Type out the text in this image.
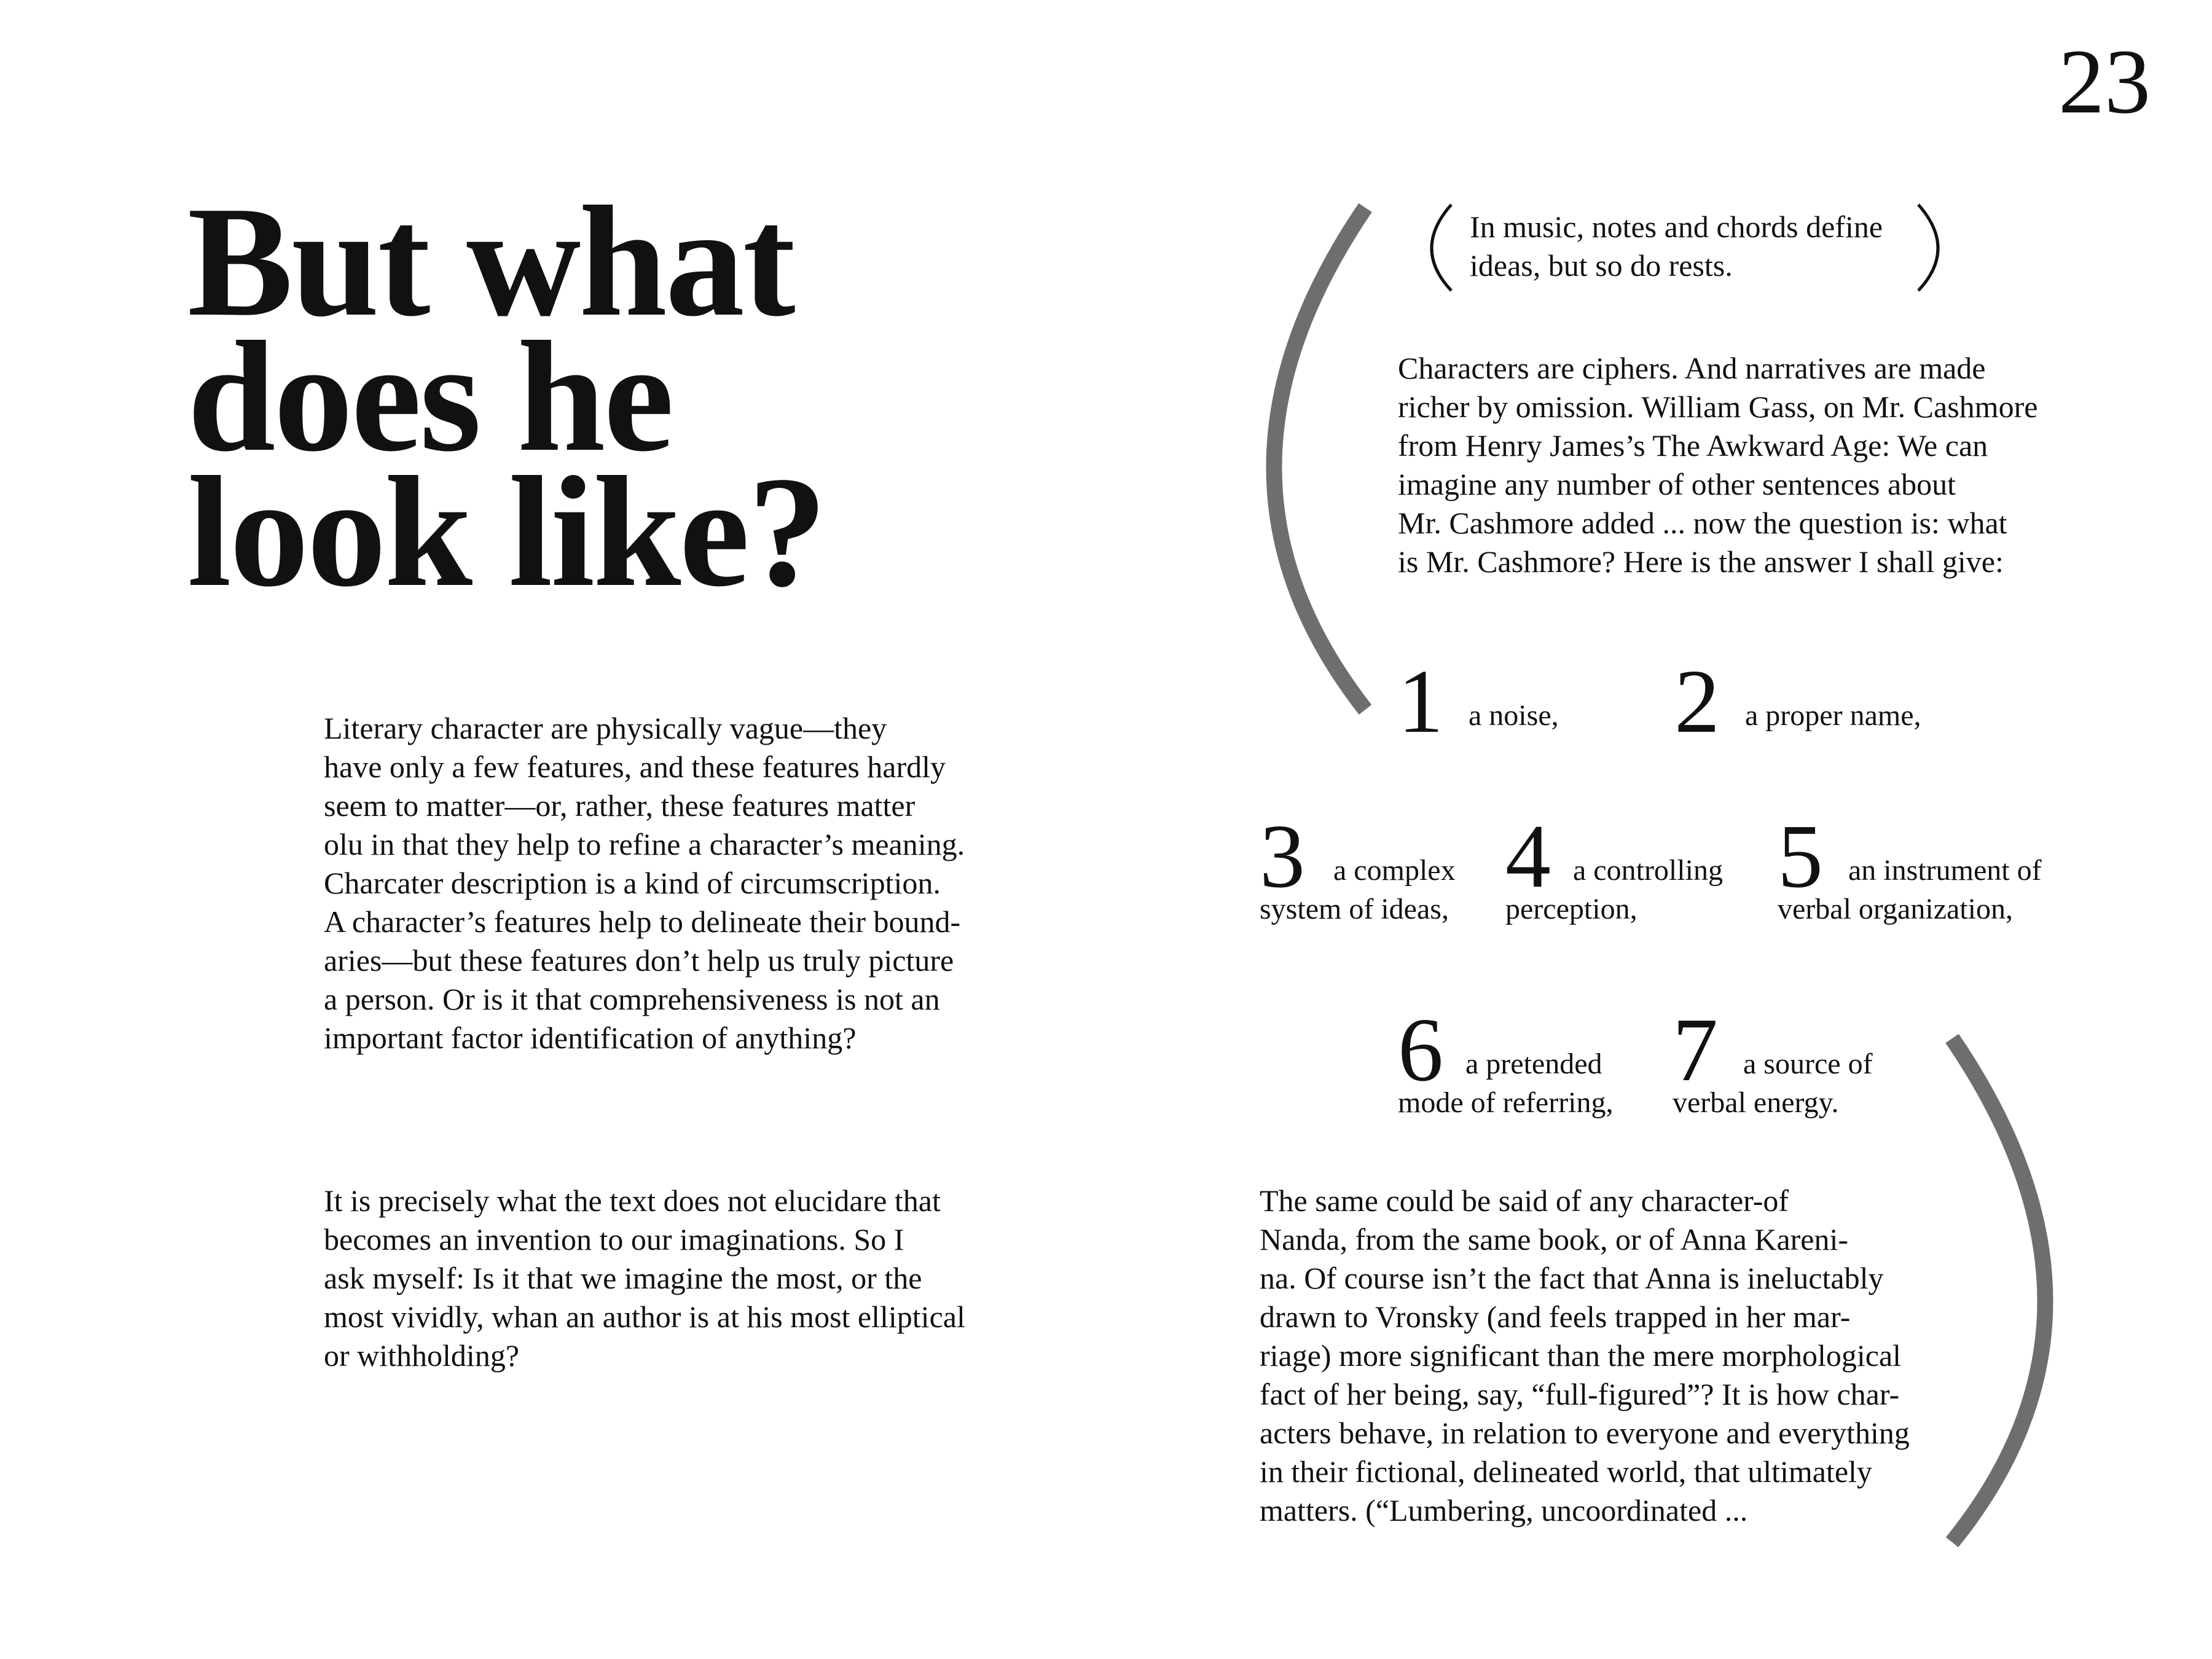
23
But what does he look like?
Literary character are physically vague—they
have only a few features, and these features hardly
seem to matter—or, rather, these features matter
olu in that they help to refine a character’s meaning.
Charcater description is a kind of circumscription.
A character’s features help to delineate their bound-
aries—but these features don’t help us truly picture
a person. Or is it that comprehensiveness is not an
important factor identification of anything?
It is precisely what the text does not elucidare that
becomes an invention to our imaginations. So I
ask myself: Is it that we imagine the most, or the
most vividly, whan an author is at his most elliptical
or withholding?
In music, notes and chords define
ideas, but so do rests.
Characters are ciphers. And narratives are made
richer by omission. William Gass, on Mr. Cashmore
from Henry James’s The Awkward Age: We can
imagine any number of other sentences about
Mr. Cashmore added ... now the question is: what
is Mr. Cashmore? Here is the answer I shall give:
1 a noise,	2 a proper name,
3 a complex
system of ideas,
4 a controlling
perception,
5 an instrument of
verbal organization,
6 a pretended
mode of referring,
7 a source of
verbal energy.
The same could be said of any character-of
Nanda, from the same book, or of Anna Kareni-
na. Of course isn’t the fact that Anna is ineluctably
drawn to Vronsky (and feels trapped in her mar-
riage) more significant than the mere morphological
fact of her being, say, “full-figured”? It is how char-
acters behave, in relation to everyone and everything
in their fictional, delineated world, that ultimately
matters. (“Lumbering, uncoordinated ...
